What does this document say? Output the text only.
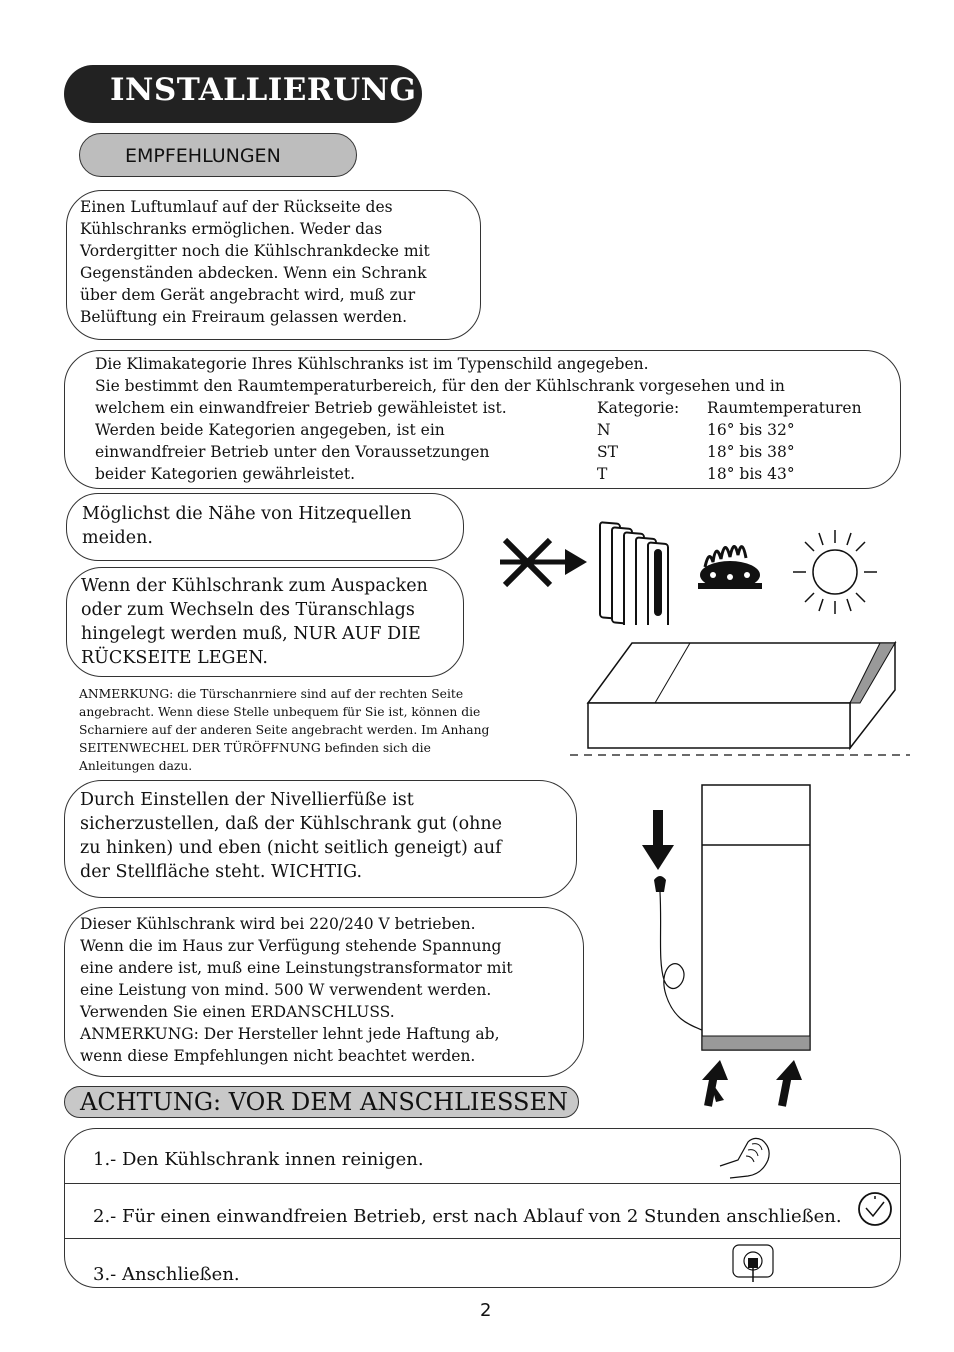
INSTALLIERUNG
EMPFEHLUNGEN
Einen Luftumlauf auf der Rückseite des
Kühlschranks ermöglichen. Weder das
Vordergitter noch die Kühlschrankdecke mit
Gegenständen abdecken. Wenn ein Schrank
über dem Gerät angebracht wird, muß zur
Belüftung ein Freiraum gelassen werden.
Die Klimakategorie Ihres Kühlschranks ist im Typenschild angegeben.
Sie bestimmt den Raumtemperaturbereich, für den der Kühlschrank vorgesehen und in
welchem ein einwandfreier Betrieb gewähleistet ist.
Werden beide Kategorien angegeben, ist ein
einwandfreier Betrieb unter den Voraussetzungen
beider Kategorien gewährleistet.
Kategorie:	Raumtemperaturen
N	16° bis 32°
ST	18° bis 38°
T	18° bis 43°
Möglichst die Nähe von Hitzequellen
meiden.
Wenn der Kühlschrank zum Auspacken
oder zum Wechseln des Türanschlags
hingelegt werden muß, NUR AUF DIE
RÜCKSEITE LEGEN.
ANMERKUNG: die Türschanrniere sind auf der rechten Seite
angebracht. Wenn diese Stelle unbequem für Sie ist, können die
Scharniere auf der anderen Seite angebracht werden. Im Anhang
SEITENWECHEL DER TÜRÖFFNUNG befinden sich die
Anleitungen dazu.
Durch Einstellen der Nivellierfüße ist
sicherzustellen, daß der Kühlschrank gut (ohne
zu hinken) und eben (nicht seitlich geneigt) auf
der Stellfläche steht. WICHTIG.
Dieser Kühlschrank wird bei 220/240 V betrieben.
Wenn die im Haus zur Verfügung stehende Spannung
eine andere ist, muß eine Leinstungstransformator mit
eine Leistung von mind. 500 W verwendent werden.
Verwenden Sie einen ERDANSCHLUSS.
ANMERKUNG: Der Hersteller lehnt jede Haftung ab,
wenn diese Empfehlungen nicht beachtet werden.
ACHTUNG: VOR DEM ANSCHLIESSEN
1.- Den Kühlschrank innen reinigen.
2.- Für einen einwandfreien Betrieb, erst nach Ablauf von 2 Stunden anschließen.
3.- Anschließen.
2
